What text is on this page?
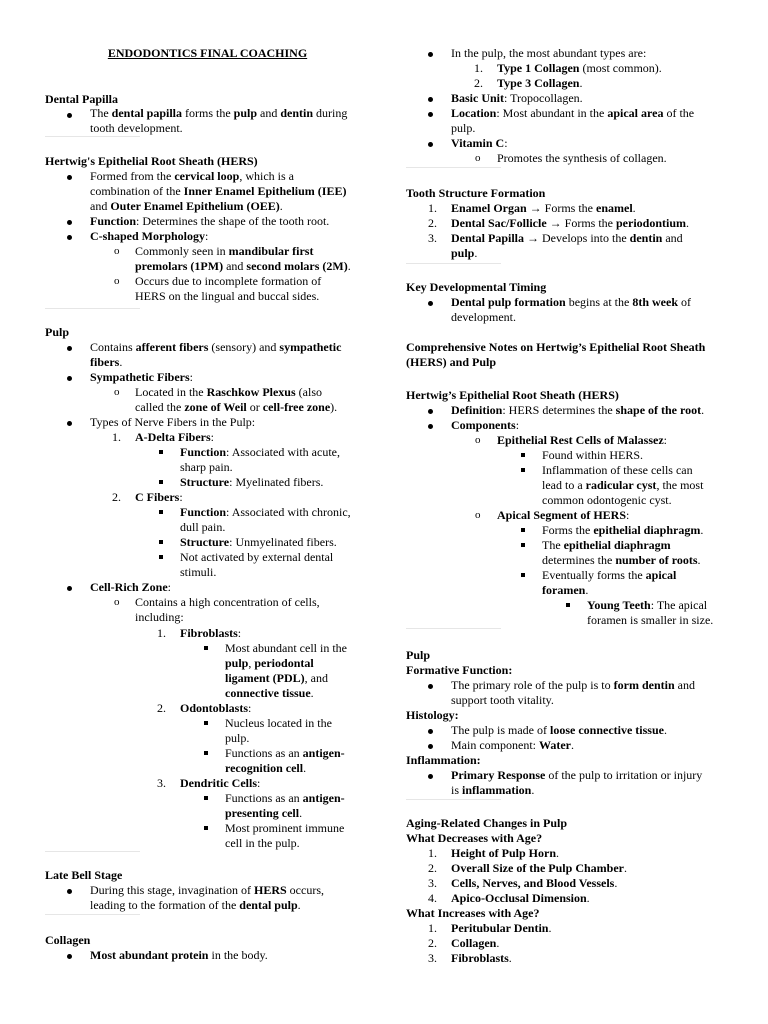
ENDODONTICS FINAL COACHING
Dental Papilla
The dental papilla forms the pulp and dentin during
tooth development.
Hertwig's Epithelial Root Sheath (HERS)
Formed from the cervical loop, which is a
combination of the Inner Enamel Epithelium (IEE)
and Outer Enamel Epithelium (OEE).
Function: Determines the shape of the tooth root.
C-shaped Morphology:
o Commonly seen in mandibular first
premolars (1PM) and second molars (2M).
o Occurs due to incomplete formation of
HERS on the lingual and buccal sides.
Pulp
Contains afferent fibers (sensory) and sympathetic
fibers.
Sympathetic Fibers:
o Located in the Raschkow Plexus (also
called the zone of Weil or cell-free zone).
Types of Nerve Fibers in the Pulp:
1. A-Delta Fibers:
Function: Associated with acute,
sharp pain.
Structure: Myelinated fibers.
2. C Fibers:
Function: Associated with chronic,
dull pain.
Structure: Unmyelinated fibers.
Not activated by external dental
stimuli.
Cell-Rich Zone:
o Contains a high concentration of cells,
including:
1. Fibroblasts:
Most abundant cell in the
pulp, periodontal
ligament (PDL), and
connective tissue.
2. Odontoblasts:
Nucleus located in the
pulp.
Functions as an antigen-
recognition cell.
3. Dendritic Cells:
Functions as an antigen-
presenting cell.
Most prominent immune
cell in the pulp.
Late Bell Stage
During this stage, invagination of HERS occurs,
leading to the formation of the dental pulp.
Collagen
Most abundant protein in the body.
In the pulp, the most abundant types are:
1. Type 1 Collagen (most common).
2. Type 3 Collagen.
Basic Unit: Tropocollagen.
Location: Most abundant in the apical area of the
pulp.
Vitamin C:
o Promotes the synthesis of collagen.
Tooth Structure Formation
1. Enamel Organ → Forms the enamel.
2. Dental Sac/Follicle → Forms the periodontium.
3. Dental Papilla → Develops into the dentin and
pulp.
Key Developmental Timing
Dental pulp formation begins at the 8th week of
development.
Comprehensive Notes on Hertwig’s Epithelial Root Sheath
(HERS) and Pulp
Hertwig’s Epithelial Root Sheath (HERS)
Definition: HERS determines the shape of the root.
Components:
o Epithelial Rest Cells of Malassez:
Found within HERS.
Inflammation of these cells can
lead to a radicular cyst, the most
common odontogenic cyst.
o Apical Segment of HERS:
Forms the epithelial diaphragm.
The epithelial diaphragm
determines the number of roots.
Eventually forms the apical
foramen.
Young Teeth: The apical
foramen is smaller in size.
Pulp
Formative Function:
The primary role of the pulp is to form dentin and
support tooth vitality.
Histology:
The pulp is made of loose connective tissue.
Main component: Water.
Inflammation:
Primary Response of the pulp to irritation or injury
is inflammation.
Aging-Related Changes in Pulp
What Decreases with Age?
1. Height of Pulp Horn.
2. Overall Size of the Pulp Chamber.
3. Cells, Nerves, and Blood Vessels.
4. Apico-Occlusal Dimension.
What Increases with Age?
1. Peritubular Dentin.
2. Collagen.
3. Fibroblasts.
